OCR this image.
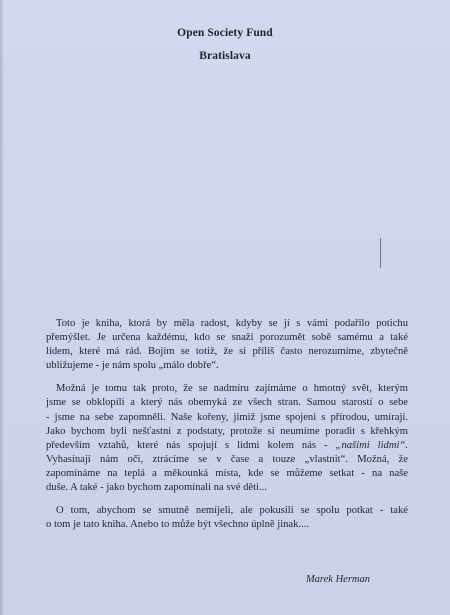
Open Society Fund
Bratislava

Toto je kniha, ktorá by měla radost, kdyby se jí s vámi podařilo potichu
přemýšlet. Je určena každému, kdo se snaží porozumět sobě samému a také
lidem, které má rád. Bojím se totiž, že si příliš často nerozumíme, zbytečně
ubližujeme - je nám spolu „málo dobře“.

Možná je tomu tak proto, že se nadmíru zajímáme o hmotný svět, kterým
jsme se obklopili a který nás obemyká ze všech stran. Samou starostí o sebe
- jsme na sebe zapomněli. Naše kořeny, jimiž jsme spojeni s přírodou, umírají.
Jako bychom byli nešťastní z podstaty, protože si neumíme poradit s křehkým
především vztahů, které nás spojují s lidmi kolem nás - „našimi lidmi“.
Vyhasínají nám oči, ztrácíme se v čase a touze „vlastnit“. Možná, že
zapomínáme na teplá a měkounká místa, kde se můžeme setkat - na naše
duše. A také - jako bychom zapomínali na své děti...

O tom, abychom se smutně nemíjeli, ale pokusili se spolu potkat - také
o tom je tato kniha. Anebo to může být všechno úplně jinak....

Marek Herman
